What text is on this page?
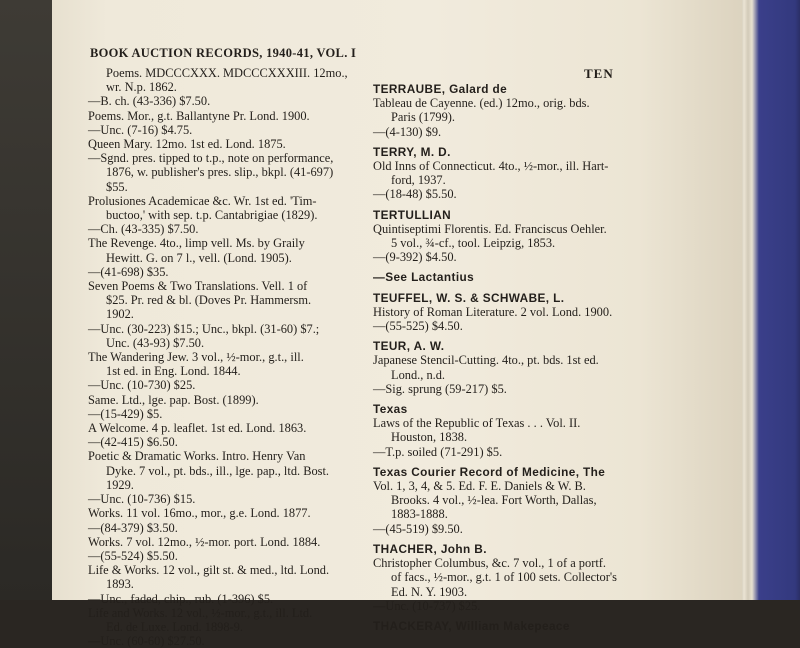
BOOK AUCTION RECORDS, 1940-41, VOL. I
TEN
Poems. MDCCCXXX. MDCCCXXXIII. 12mo.,
wr. N.p. 1862.
—B. ch. (43-336) $7.50.
Poems. Mor., g.t. Ballantyne Pr. Lond. 1900.
—Unc. (7-16) $4.75.
Queen Mary. 12mo. 1st ed. Lond. 1875.
—Sgnd. pres. tipped to t.p., note on performance,
1876, w. publisher's pres. slip., bkpl. (41-697)
$55.
Prolusiones Academicae &c. Wr. 1st ed. 'Tim-
buctoo,' with sep. t.p. Cantabrigiae (1829).
—Ch. (43-335) $7.50.
The Revenge. 4to., limp vell. Ms. by Graily
Hewitt. G. on 7 l., vell. (Lond. 1905).
—(41-698) $35.
Seven Poems & Two Translations. Vell. 1 of
$25. Pr. red & bl. (Doves Pr. Hammersm.
1902.
—Unc. (30-223) $15.; Unc., bkpl. (31-60) $7.;
Unc. (43-93) $7.50.
The Wandering Jew. 3 vol., ½-mor., g.t., ill.
1st ed. in Eng. Lond. 1844.
—Unc. (10-730) $25.
Same. Ltd., lge. pap. Bost. (1899).
—(15-429) $5.
A Welcome. 4 p. leaflet. 1st ed. Lond. 1863.
—(42-415) $6.50.
Poetic & Dramatic Works. Intro. Henry Van
Dyke. 7 vol., pt. bds., ill., lge. pap., ltd. Bost.
1929.
—Unc. (10-736) $15.
Works. 11 vol. 16mo., mor., g.e. Lond. 1877.
—(84-379) $3.50.
Works. 7 vol. 12mo., ½-mor. port. Lond. 1884.
—(55-524) $5.50.
Life & Works. 12 vol., gilt st. & med., ltd. Lond.
1893.
—Unc., faded, chip., rub. (1-396) $5.
Life and Works. 12 vol., ½-mor., g.t., ill. Ltd.
Ed. de Luxe. Lond. 1898-9.
—Unc. (60-60) $27.50.
TERRAUBE, Galard de
Tableau de Cayenne. (ed.) 12mo., orig. bds.
Paris (1799).
—(4-130) $9.
TERRY, M. D.
Old Inns of Connecticut. 4to., ½-mor., ill. Hart-
ford, 1937.
—(18-48) $5.50.
TERTULLIAN
Quintiseptimi Florentis. Ed. Franciscus Oehler.
5 vol., ¾-cf., tool. Leipzig, 1853.
—(9-392) $4.50.
—See Lactantius
TEUFFEL, W. S. & SCHWABE, L.
History of Roman Literature. 2 vol. Lond. 1900.
—(55-525) $4.50.
TEUR, A. W.
Japanese Stencil-Cutting. 4to., pt. bds. 1st ed.
Lond., n.d.
—Sig. sprung (59-217) $5.
Texas
Laws of the Republic of Texas . . . Vol. II.
Houston, 1838.
—T.p. soiled (71-291) $5.
Texas Courier Record of Medicine, The
Vol. 1, 3, 4, & 5. Ed. F. E. Daniels & W. B.
Brooks. 4 vol., ½-lea. Fort Worth, Dallas,
1883-1888.
—(45-519) $9.50.
THACHER, John B.
Christopher Columbus, &c. 7 vol., 1 of a portf.
of facs., ½-mor., g.t. 1 of 100 sets. Collector's
Ed. N. Y. 1903.
—Unc. (10-737) $25.
THACKERAY, William Makepeace
